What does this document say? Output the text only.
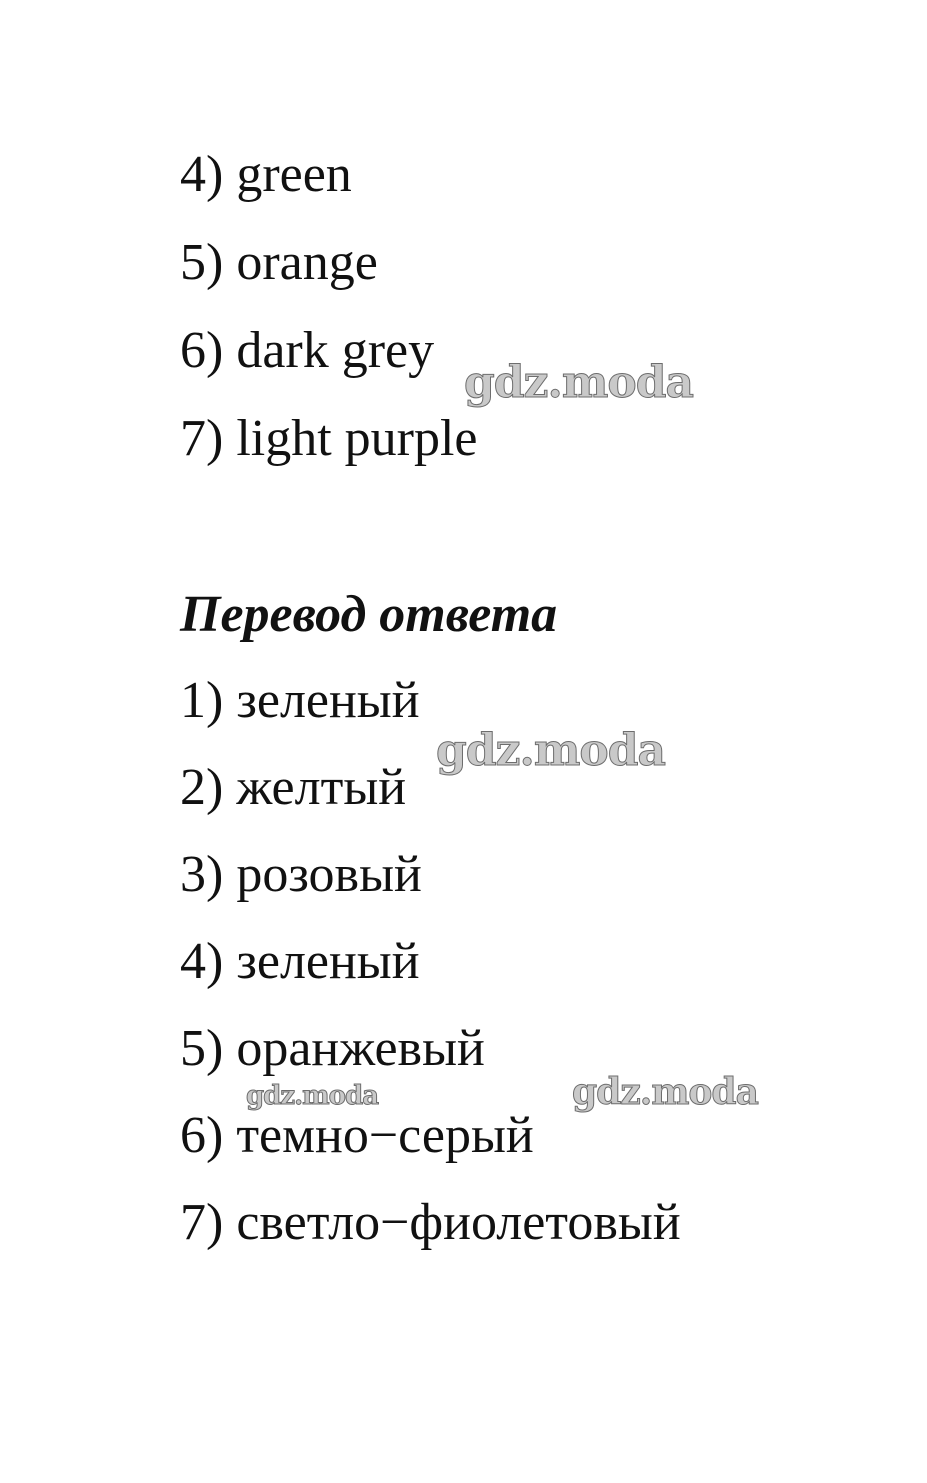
4) green
5) orange
6) dark grey
7) light purple
Перевод ответа
1) зеленый
2) желтый
3) розовый
4) зеленый
5) оранжевый
6) темно−серый
7) светло−фиолетовый
gdz.moda
gdz.moda
gdz.moda	gdz.moda
